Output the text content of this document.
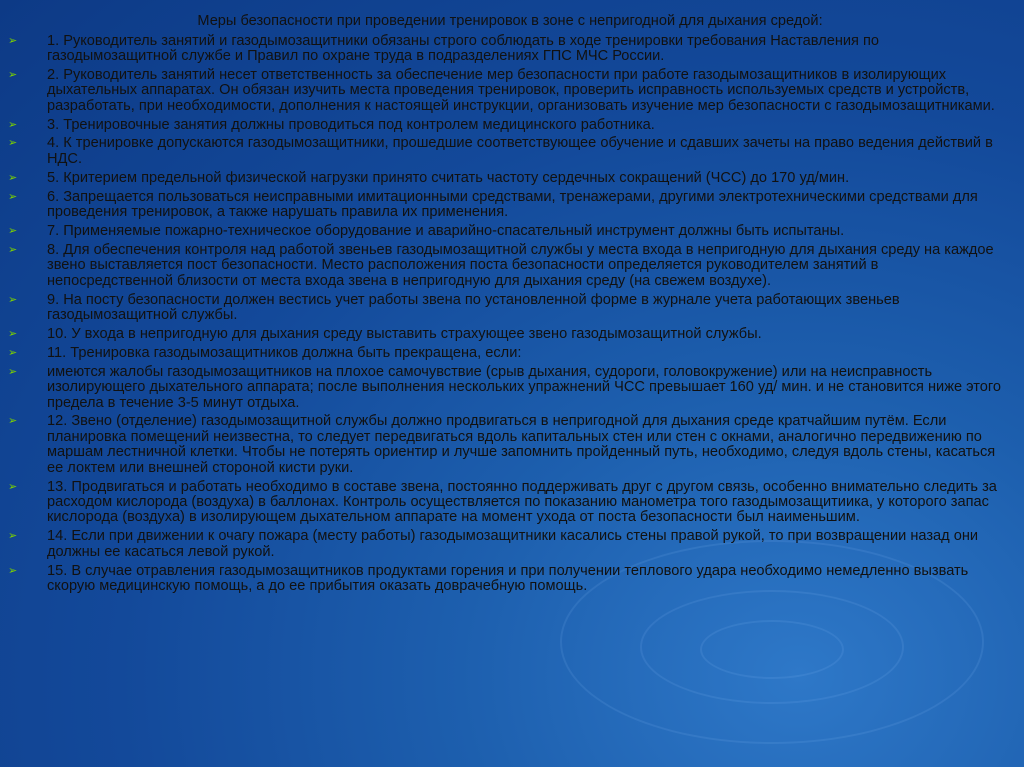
Меры безопасности при проведении тренировок в зоне с непригодной для дыхания средой:
➢ 1. Руководитель занятий и газодымозащитники обязаны строго соблюдать в ходе тренировки требования Наставления по газодымозащитной службе и Правил по охране труда в подразделениях ГПС МЧС России.
➢ 2. Руководитель занятий несет ответственность за обеспечение мер безопасности при работе газодымозащитников в изолирующих дыхательных аппаратах. Он обязан изучить места проведения тренировок, проверить исправность используемых средств и устройств, разработать, при необходимости, дополнения к настоящей инструкции, организовать изучение мер безопасности с газодымозащитниками.
➢ 3. Тренировочные занятия должны проводиться под контролем медицинского работника.
➢ 4. К тренировке допускаются газодымозащитники, прошедшие соответствующее обучение и сдавших зачеты на право ведения действий в НДС.
➢ 5. Критерием предельной физической нагрузки принято считать частоту сердечных сокращений (ЧСС) до 170 уд/мин.
➢ 6. Запрещается пользоваться неисправными имитационными средствами, тренажерами, другими электротехническими средствами для проведения тренировок, а также нарушать правила их применения.
➢ 7. Применяемые пожарно-техническое оборудование и аварийно-спасательный инструмент должны быть испытаны.
➢ 8. Для обеспечения контроля над работой звеньев газодымозащитной службы у места входа в непригодную для дыхания среду на каждое звено выставляется пост безопасности. Место расположения поста безопасности определяется руководителем занятий в непосредственной близости от места входа звена в непригодную для дыхания среду (на свежем воздухе).
➢ 9. На посту безопасности должен вестись учет работы звена по установленной форме в журнале учета работающих звеньев газодымозащитной службы.
➢ 10. У входа в непригодную для дыхания среду выставить страхующее звено газодымозащитной службы.
➢ 11. Тренировка газодымозащитников должна быть прекращена, если:
➢ имеются жалобы газодымозащитников на плохое самочувствие (срыв дыхания, судороги, головокружение) или на неисправность изолирующего дыхательного аппарата; после выполнения нескольких упражнений ЧСС превышает 160 уд/ мин. и не становится ниже этого предела в течение 3-5 минут отдыха.
➢ 12. Звено (отделение) газодымозащитной службы должно продвигаться в непригодной для дыхания среде кратчайшим путём. Если планировка помещений неизвестна, то следует передвигаться вдоль капитальных стен или стен с окнами, аналогично передвижению по маршам лестничной клетки. Чтобы не потерять ориентир и лучше запомнить пройденный путь, необходимо, следуя вдоль стены, касаться ее локтем или внешней стороной кисти руки.
➢ 13. Продвигаться и работать необходимо в составе звена, постоянно поддерживать друг с другом связь, особенно внимательно следить за расходом кислорода (воздуха) в баллонах. Контроль осуществляется по показанию манометра того газодымозащитиика, у которого запас кислорода (воздуха) в изолирующем дыхательном аппарате на момент ухода от поста безопасности был наименьшим.
➢ 14. Если при движении к очагу пожара (месту работы) газодымозащитники касались стены правой рукой, то при возвращении назад они должны ее касаться левой рукой.
➢ 15. В случае отравления газодымозащитников продуктами горения и при получении теплового удара необходимо немедленно вызвать скорую медицинскую помощь, а до ее прибытия оказать доврачебную помощь.
